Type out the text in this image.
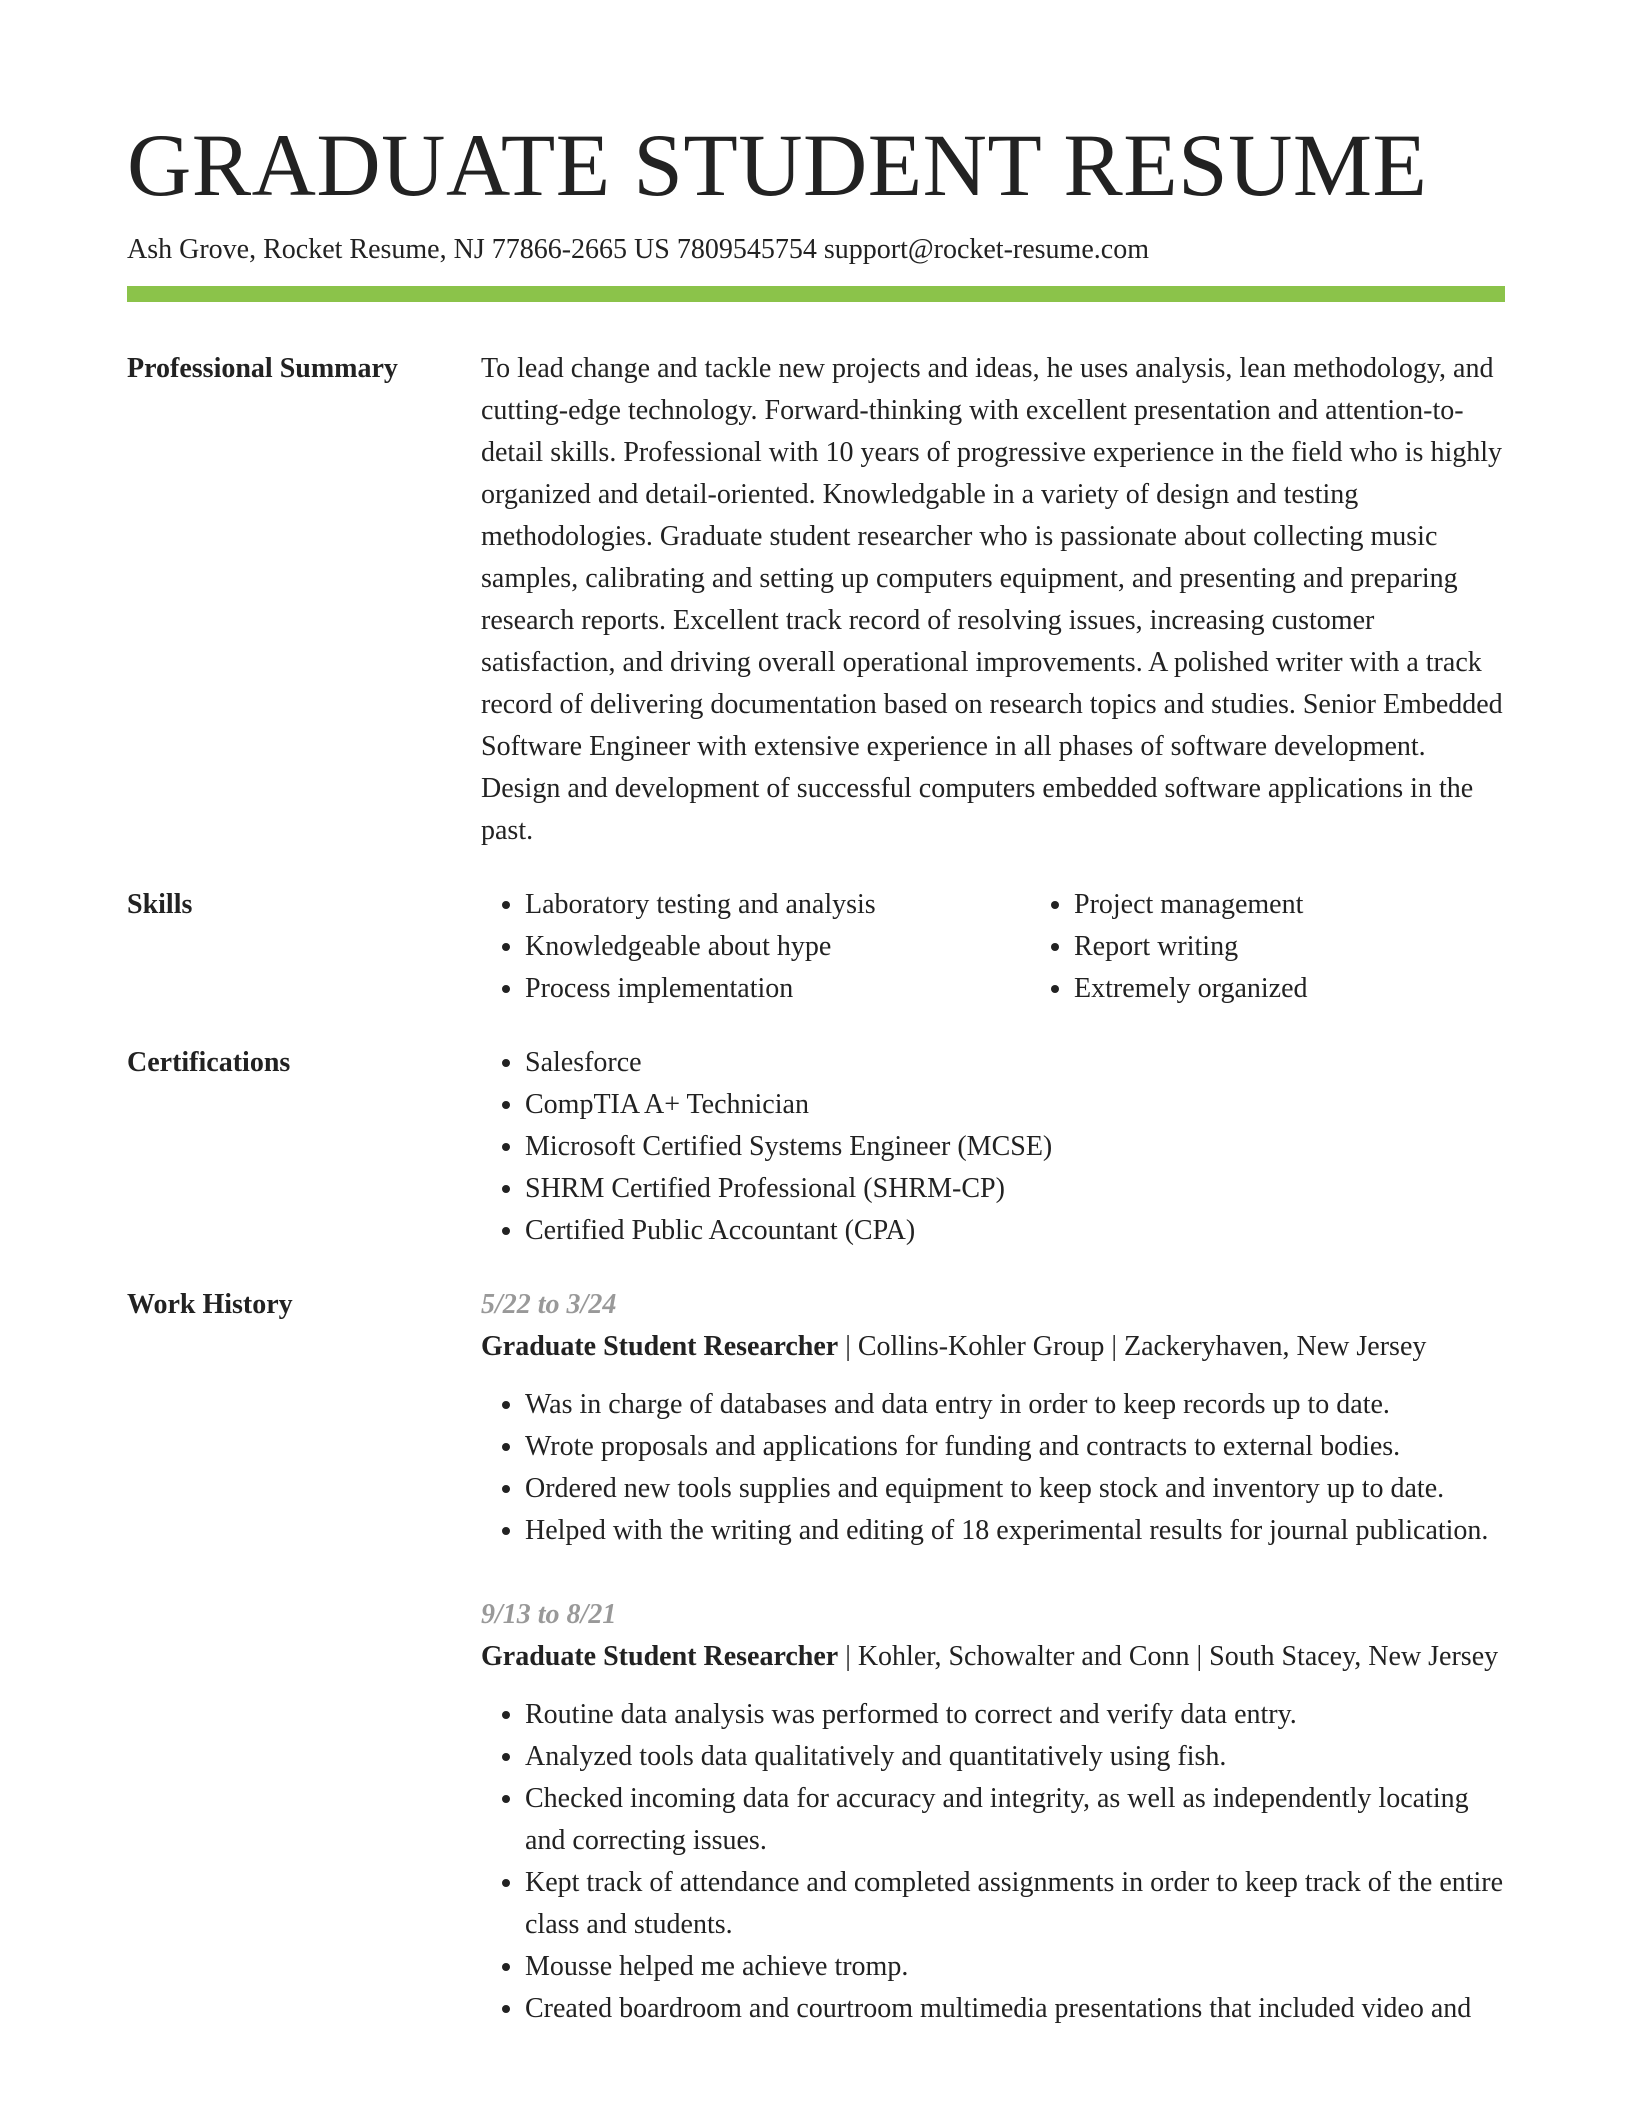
GRADUATE STUDENT RESUME
Ash Grove, Rocket Resume, NJ 77866-2665 US 7809545754 support@rocket-resume.com
Professional Summary	To lead change and tackle new projects and ideas, he uses analysis, lean methodology, and cutting-edge technology. Forward-thinking with excellent presentation and attention-to-detail skills. Professional with 10 years of progressive experience in the field who is highly organized and detail-oriented. Knowledgable in a variety of design and testing methodologies. Graduate student researcher who is passionate about collecting music samples, calibrating and setting up computers equipment, and presenting and preparing research reports. Excellent track record of resolving issues, increasing customer satisfaction, and driving overall operational improvements. A polished writer with a track record of delivering documentation based on research topics and studies. Senior Embedded Software Engineer with extensive experience in all phases of software development. Design and development of successful computers embedded software applications in the past.

Skills	• Laboratory testing and analysis
• Knowledgeable about hype
• Process implementation
• Project management
• Report writing
• Extremely organized
Certifications	• Salesforce
• CompTIA A+ Technician
• Microsoft Certified Systems Engineer (MCSE)
• SHRM Certified Professional (SHRM-CP)
• Certified Public Accountant (CPA)
Work History	5/22 to 3/24
Graduate Student Researcher | Collins-Kohler Group | Zackeryhaven, New Jersey
• Was in charge of databases and data entry in order to keep records up to date.
• Wrote proposals and applications for funding and contracts to external bodies.
• Ordered new tools supplies and equipment to keep stock and inventory up to date.
• Helped with the writing and editing of 18 experimental results for journal publication.
9/13 to 8/21
Graduate Student Researcher | Kohler, Schowalter and Conn | South Stacey, New Jersey
• Routine data analysis was performed to correct and verify data entry.
• Analyzed tools data qualitatively and quantitatively using fish.
• Checked incoming data for accuracy and integrity, as well as independently locating and correcting issues.
• Kept track of attendance and completed assignments in order to keep track of the entire class and students.
• Mousse helped me achieve tromp.
• Created boardroom and courtroom multimedia presentations that included video and
